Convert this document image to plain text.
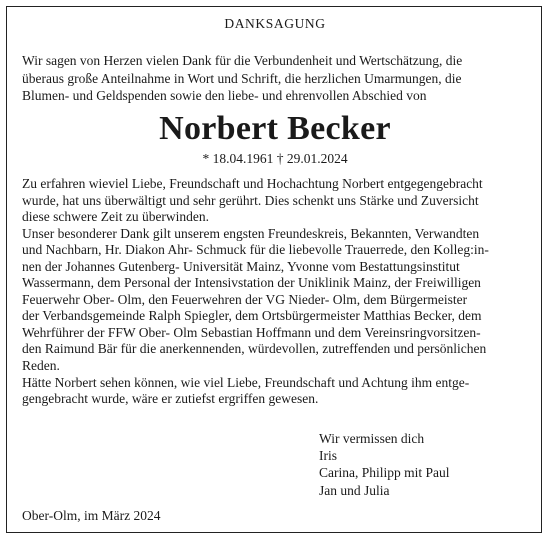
DANKSAGUNG
Wir sagen von Herzen vielen Dank für die Verbundenheit und Wertschätzung, die
überaus große Anteilnahme in Wort und Schrift, die herzlichen Umarmungen, die
Blumen- und Geldspenden sowie den liebe- und ehrenvollen Abschied von
Norbert Becker
* 18.04.1961 † 29.01.2024
Zu erfahren wieviel Liebe, Freundschaft und Hochachtung Norbert entgegengebracht
wurde, hat uns überwältigt und sehr gerührt. Dies schenkt uns Stärke und Zuversicht
diese schwere Zeit zu überwinden.
Unser besonderer Dank gilt unserem engsten Freundeskreis, Bekannten, Verwandten
und Nachbarn, Hr. Diakon Ahr- Schmuck für die liebevolle Trauerrede, den Kolleg:in-
nen der Johannes Gutenberg- Universität Mainz, Yvonne vom Bestattungsinstitut
Wassermann, dem Personal der Intensivstation der Uniklinik Mainz, der Freiwilligen
Feuerwehr Ober- Olm, den Feuerwehren der VG Nieder- Olm, dem Bürgermeister
der Verbandsgemeinde Ralph Spiegler, dem Ortsbürgermeister Matthias Becker, dem
Wehrführer der FFW Ober- Olm Sebastian Hoffmann und dem Vereinsringvorsitzen-
den Raimund Bär für die anerkennenden, würdevollen, zutreffenden und persönlichen
Reden.
Hätte Norbert sehen können, wie viel Liebe, Freundschaft und Achtung ihm entge-
gengebracht wurde, wäre er zutiefst ergriffen gewesen.
Wir vermissen dich
Iris
Carina, Philipp mit Paul
Jan und Julia
Ober-Olm, im März 2024
